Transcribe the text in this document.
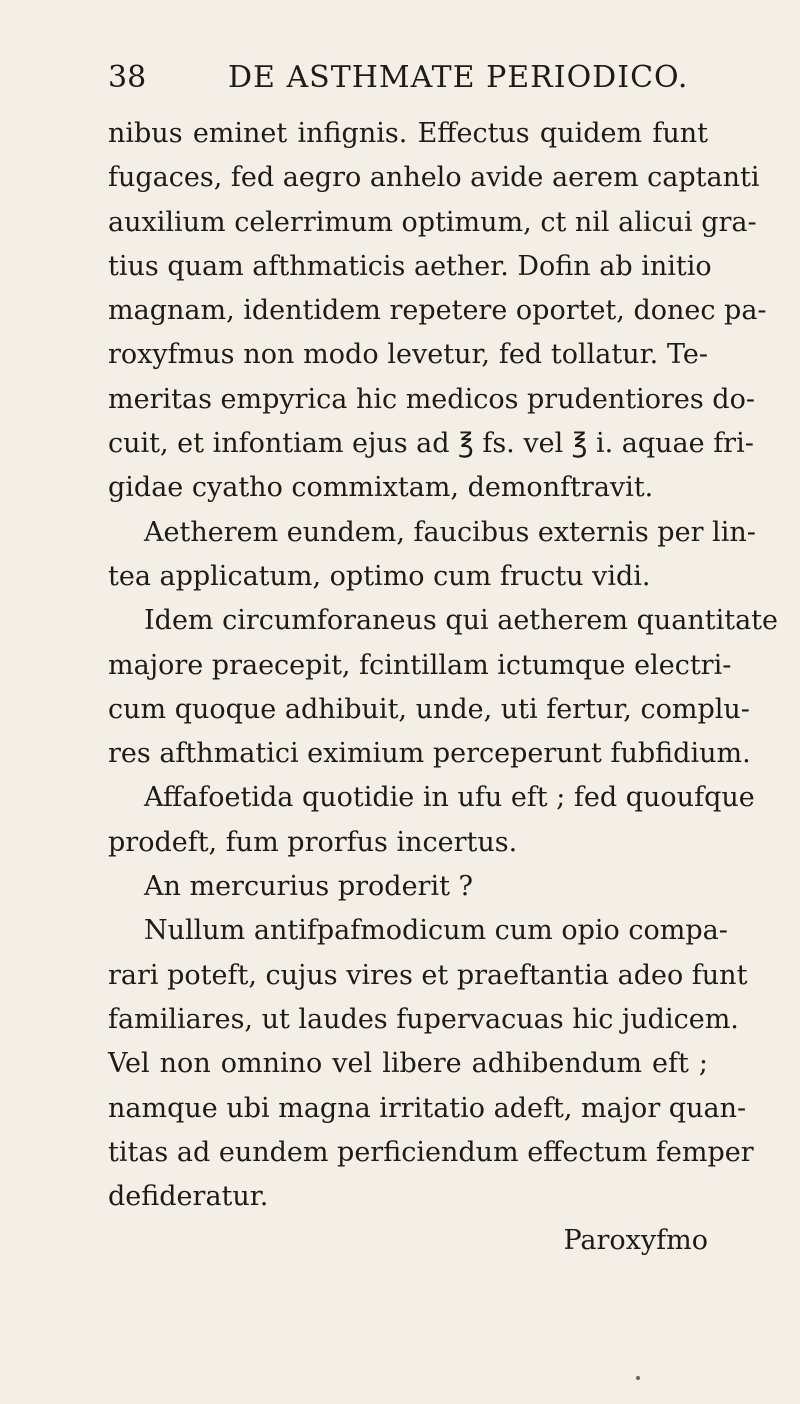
38	DE ASTHMATE PERIODICO.
nibus eminet infignis. Effectus quidem funt
fugaces, fed aegro anhelo avide aerem captanti
auxilium celerrimum optimum, ct nil alicui gra-
tius quam afthmaticis aether. Dofin ab initio
magnam, identidem repetere oportet, donec pa-
roxyfmus non modo levetur, fed tollatur. Te-
meritas empyrica hic medicos prudentiores do-
cuit, et infontiam ejus ad ℥ fs. vel ℥ i. aquae fri-
gidae cyatho commixtam, demonftravit.
Aetherem eundem, faucibus externis per lin-
tea applicatum, optimo cum fructu vidi.
Idem circumforaneus qui aetherem quantitate
majore praecepit, fcintillam ictumque electri-
cum quoque adhibuit, unde, uti fertur, complu-
res afthmatici eximium perceperunt fubfidium.
Affafoetida quotidie in ufu eft ; fed quoufque
prodeft, fum prorfus incertus.
An mercurius proderit ?
Nullum antifpafmodicum cum opio compa-
rari poteft, cujus vires et praeftantia adeo funt
familiares, ut laudes fupervacuas hic judicem.
Vel non omnino vel libere adhibendum eft ;
namque ubi magna irritatio adeft, major quan-
titas ad eundem perficiendum effectum femper
defideratur.
Paroxyfmo
